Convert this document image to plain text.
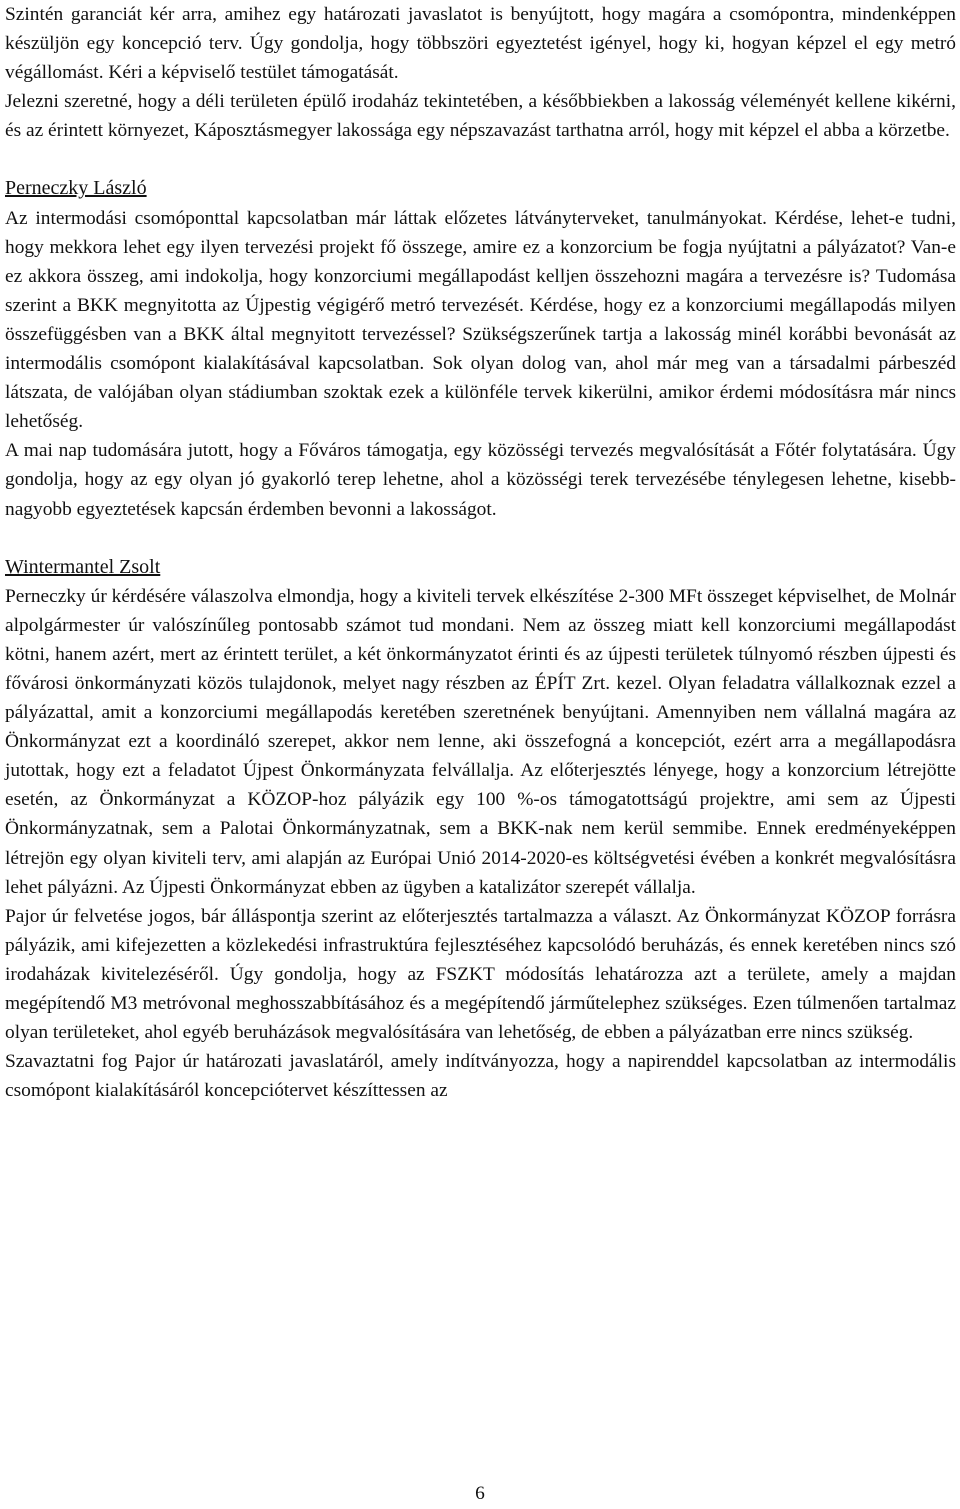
Szintén garanciát kér arra, amihez egy határozati javaslatot is benyújtott, hogy magára a csomópontra, mindenképpen készüljön egy koncepció terv. Úgy gondolja, hogy többszöri egyeztetést igényel, hogy ki, hogyan képzel el egy metró végállomást. Kéri a képviselő testület támogatását.

Jelezni szeretné, hogy a déli területen épülő irodaház tekintetében, a későbbiekben a lakosság véleményét kellene kikérni, és az érintett környezet, Káposztásmegyer lakossága egy népszavazást tarthatna arról, hogy mit képzel el abba a körzetbe.

Perneczky László

Az intermodási csomóponttal kapcsolatban már láttak előzetes látványterveket, tanulmányokat. Kérdése, lehet-e tudni, hogy mekkora lehet egy ilyen tervezési projekt fő összege, amire ez a konzorcium be fogja nyújtatni a pályázatot? Van-e ez akkora összeg, ami indokolja, hogy konzorciumi megállapodást kelljen összehozni magára a tervezésre is? Tudomása szerint a BKK megnyitotta az Újpestig végigérő metró tervezését. Kérdése, hogy ez a konzorciumi megállapodás milyen összefüggésben van a BKK által megnyitott tervezéssel? Szükségszerűnek tartja a lakosság minél korábbi bevonását az intermodális csomópont kialakításával kapcsolatban. Sok olyan dolog van, ahol már meg van a társadalmi párbeszéd látszata, de valójában olyan stádiumban szoktak ezek a különféle tervek kikerülni, amikor érdemi módosításra már nincs lehetőség.

A mai nap tudomására jutott, hogy a Főváros támogatja, egy közösségi tervezés megvalósítását a Főtér folytatására. Úgy gondolja, hogy az egy olyan jó gyakorló terep lehetne, ahol a közösségi terek tervezésébe ténylegesen lehetne, kisebb-nagyobb egyeztetések kapcsán érdemben bevonni a lakosságot.

Wintermantel Zsolt

Perneczky úr kérdésére válaszolva elmondja, hogy a kiviteli tervek elkészítése 2-300 MFt összeget képviselhet, de Molnár alpolgármester úr valószínűleg pontosabb számot tud mondani. Nem az összeg miatt kell konzorciumi megállapodást kötni, hanem azért, mert az érintett terület, a két önkormányzatot érinti és az újpesti területek túlnyomó részben újpesti és fővárosi önkormányzati közös tulajdonok, melyet nagy részben az ÉPÍT Zrt. kezel. Olyan feladatra vállalkoznak ezzel a pályázattal, amit a konzorciumi megállapodás keretében szeretnének benyújtani. Amennyiben nem vállalná magára az Önkormányzat ezt a koordináló szerepet, akkor nem lenne, aki összefogná a koncepciót, ezért arra a megállapodásra jutottak, hogy ezt a feladatot Újpest Önkormányzata felvállalja. Az előterjesztés lényege, hogy a konzorcium létrejötte esetén, az Önkormányzat a KÖZOP-hoz pályázik egy 100 %-os támogatottságú projektre, ami sem az Újpesti Önkormányzatnak, sem a Palotai Önkormányzatnak, sem a BKK-nak nem kerül semmibe. Ennek eredményeképpen létrejön egy olyan kiviteli terv, ami alapján az Európai Unió 2014-2020-es költségvetési évében a konkrét megvalósításra lehet pályázni. Az Újpesti Önkormányzat ebben az ügyben a katalizátor szerepét vállalja.

Pajor úr felvetése jogos, bár álláspontja szerint az előterjesztés tartalmazza a választ. Az Önkormányzat KÖZOP forrásra pályázik, ami kifejezetten a közlekedési infrastruktúra fejlesztéséhez kapcsolódó beruházás, és ennek keretében nincs szó irodaházak kivitelezéséről. Úgy gondolja, hogy az FSZKT módosítás lehatározza azt a területe, amely a majdan megépítendő M3 metróvonal meghosszabbításához és a megépítendő járműtelephez szükséges. Ezen túlmenően tartalmaz olyan területeket, ahol egyéb beruházások megvalósítására van lehetőség, de ebben a pályázatban erre nincs szükség.

Szavaztatni fog Pajor úr határozati javaslatáról, amely indítványozza, hogy a napirenddel kapcsolatban az intermodális csomópont kialakításáról koncepciótervet készíttessen az

6
